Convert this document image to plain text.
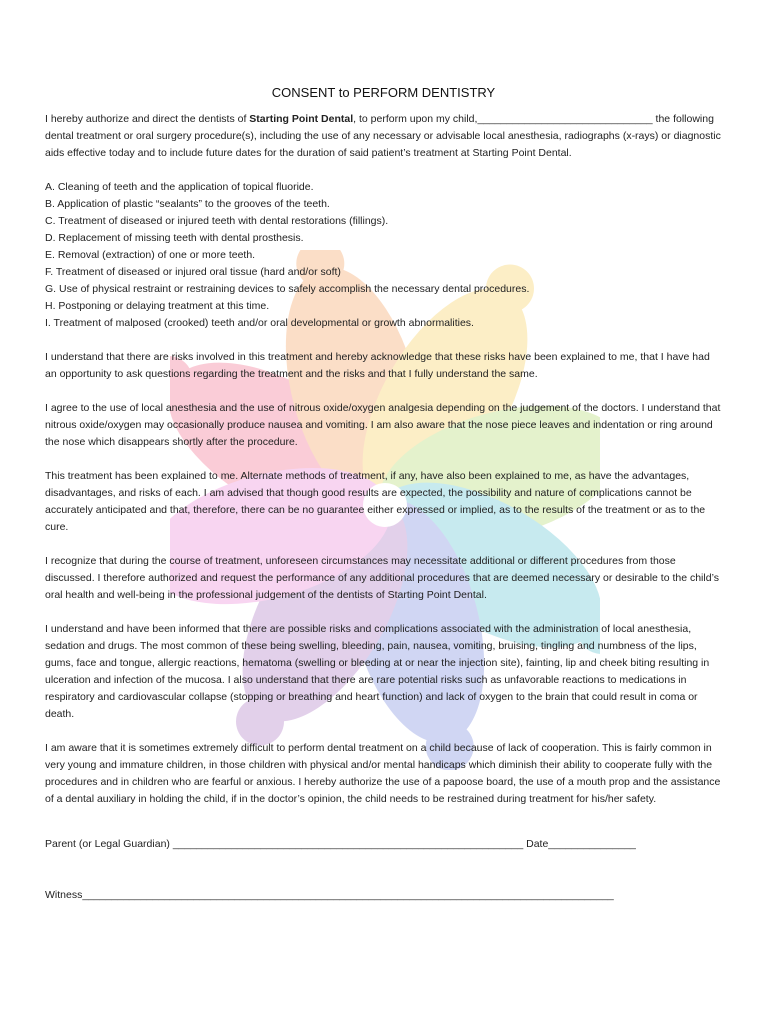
CONSENT to PERFORM DENTISTRY

I hereby authorize and direct the dentists of Starting Point Dental, to perform upon my child,______________________________ the following dental treatment or oral surgery procedure(s), including the use of any necessary or advisable local anesthesia, radiographs (x-rays) or diagnostic aids effective today and to include future dates for the duration of said patient’s treatment at Starting Point Dental.

A. Cleaning of teeth and the application of topical fluoride.
B. Application of plastic “sealants” to the grooves of the teeth.
C. Treatment of diseased or injured teeth with dental restorations (fillings).
D. Replacement of missing teeth with dental prosthesis.
E. Removal (extraction) of one or more teeth.
F. Treatment of diseased or injured oral tissue (hard and/or soft)
G. Use of physical restraint or restraining devices to safely accomplish the necessary dental procedures.
H. Postponing or delaying treatment at this time.
I. Treatment of malposed (crooked) teeth and/or oral developmental or growth abnormalities.

I understand that there are risks involved in this treatment and hereby acknowledge that these risks have been explained to me, that I have had an opportunity to ask questions regarding the treatment and the risks and that I fully understand the same.

I agree to the use of local anesthesia and the use of nitrous oxide/oxygen analgesia depending on the judgement of the doctors. I understand that nitrous oxide/oxygen may occasionally produce nausea and vomiting. I am also aware that the nose piece leaves and indentation or ring around the nose which disappears shortly after the procedure.

This treatment has been explained to me. Alternate methods of treatment, if any, have also been explained to me, as have the advantages, disadvantages, and risks of each. I am advised that though good results are expected, the possibility and nature of complications cannot be accurately anticipated and that, therefore, there can be no guarantee either expressed or implied, as to the results of the treatment or as to the cure.

I recognize that during the course of treatment, unforeseen circumstances may necessitate additional or different procedures from those discussed. I therefore authorized and request the performance of any additional procedures that are deemed necessary or desirable to the child’s oral health and well-being in the professional judgement of the dentists of Starting Point Dental.

I understand and have been informed that there are possible risks and complications associated with the administration of local anesthesia, sedation and drugs. The most common of these being swelling, bleeding, pain, nausea, vomiting, bruising, tingling and numbness of the lips, gums, face and tongue, allergic reactions, hematoma (swelling or bleeding at or near the injection site), fainting, lip and cheek biting resulting in ulceration and infection of the mucosa. I also understand that there are rare potential risks such as unfavorable reactions to medications in respiratory and cardiovascular collapse (stopping or breathing and heart function) and lack of oxygen to the brain that could result in coma or death.

I am aware that it is sometimes extremely difficult to perform dental treatment on a child because of lack of cooperation. This is fairly common in very young and immature children, in those children with physical and/or mental handicaps which diminish their ability to cooperate fully with the procedures and in children who are fearful or anxious. I hereby authorize the use of a papoose board, the use of a mouth prop and the assistance of a dental auxiliary in holding the child, if in the doctor’s opinion, the child needs to be restrained during treatment for his/her safety.

Parent (or Legal Guardian) ____________________________________________________________ Date_______________
Witness___________________________________________________________________________________________
